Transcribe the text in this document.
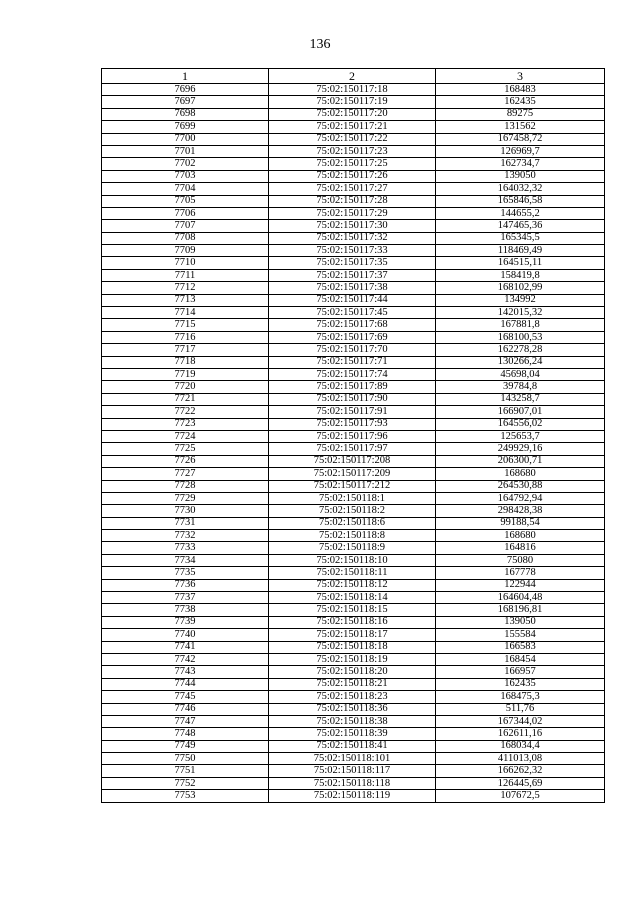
136
1	2	3
7696	75:02:150117:18	168483
7697	75:02:150117:19	162435
7698	75:02:150117:20	89275
7699	75:02:150117:21	131562
7700	75:02:150117:22	167458,72
7701	75:02:150117:23	126969,7
7702	75:02:150117:25	162734,7
7703	75:02:150117:26	139050
7704	75:02:150117:27	164032,32
7705	75:02:150117:28	165846,58
7706	75:02:150117:29	144655,2
7707	75:02:150117:30	147465,36
7708	75:02:150117:32	165345,5
7709	75:02:150117:33	118469,49
7710	75:02:150117:35	164515,11
7711	75:02:150117:37	158419,8
7712	75:02:150117:38	168102,99
7713	75:02:150117:44	134992
7714	75:02:150117:45	142015,32
7715	75:02:150117:68	167881,8
7716	75:02:150117:69	168100,53
7717	75:02:150117:70	162278,28
7718	75:02:150117:71	130266,24
7719	75:02:150117:74	45698,04
7720	75:02:150117:89	39784,8
7721	75:02:150117:90	143258,7
7722	75:02:150117:91	166907,01
7723	75:02:150117:93	164556,02
7724	75:02:150117:96	125653,7
7725	75:02:150117:97	249929,16
7726	75:02:150117:208	206300,71
7727	75:02:150117:209	168680
7728	75:02:150117:212	264530,88
7729	75:02:150118:1	164792,94
7730	75:02:150118:2	298428,38
7731	75:02:150118:6	99188,54
7732	75:02:150118:8	168680
7733	75:02:150118:9	164816
7734	75:02:150118:10	75080
7735	75:02:150118:11	167778
7736	75:02:150118:12	122944
7737	75:02:150118:14	164604,48
7738	75:02:150118:15	168196,81
7739	75:02:150118:16	139050
7740	75:02:150118:17	155584
7741	75:02:150118:18	166583
7742	75:02:150118:19	168454
7743	75:02:150118:20	166957
7744	75:02:150118:21	162435
7745	75:02:150118:23	168475,3
7746	75:02:150118:36	511,76
7747	75:02:150118:38	167344,02
7748	75:02:150118:39	162611,16
7749	75:02:150118:41	168034,4
7750	75:02:150118:101	411013,08
7751	75:02:150118:117	166262,32
7752	75:02:150118:118	126445,69
7753	75:02:150118:119	107672,5
